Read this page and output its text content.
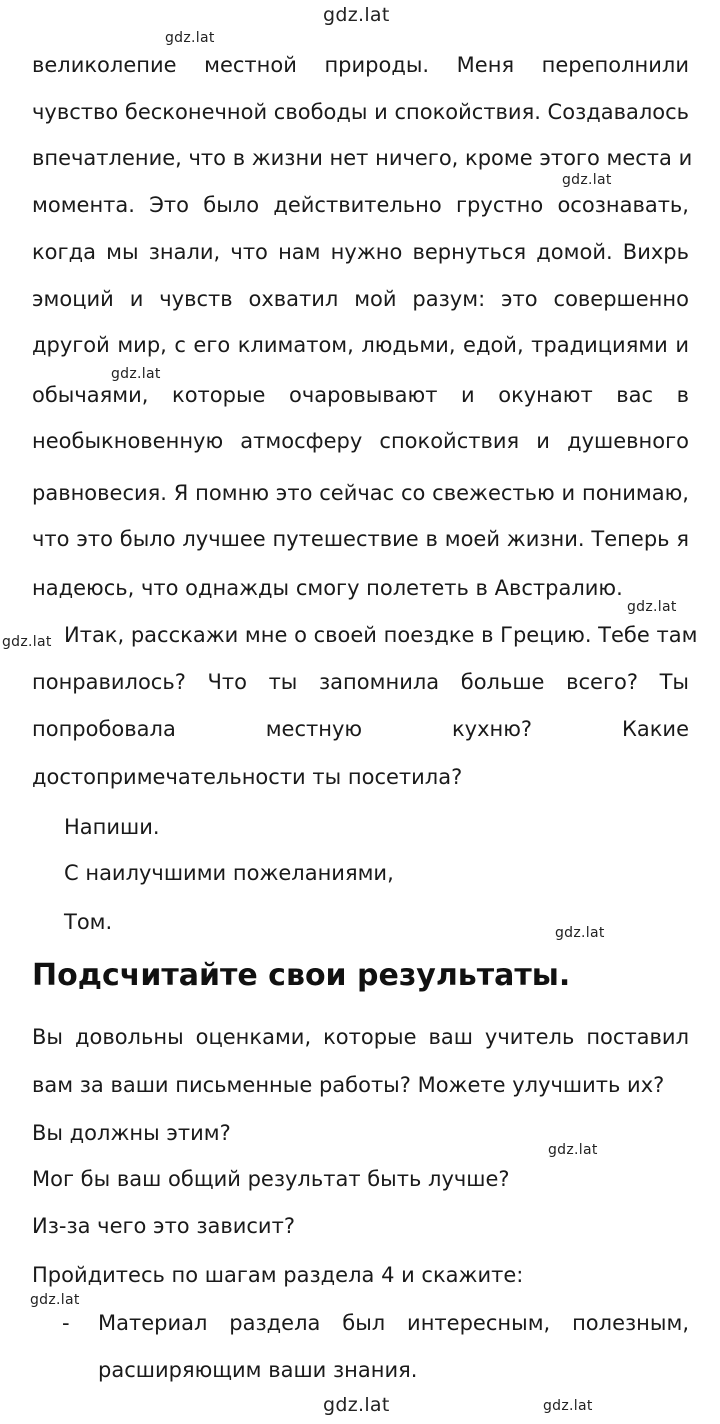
gdz.lat
gdz.lat
gdz.lat
gdz.lat
gdz.lat
gdz.lat
gdz.lat
gdz.lat
gdz.lat
gdz.lat
gdz.lat
великолепие местной природы. Меня переполнили
чувство бесконечной свободы и спокойствия. Создавалось
впечатление, что в жизни нет ничего, кроме этого места и
момента. Это было действительно грустно осознавать,
когда мы знали, что нам нужно вернуться домой. Вихрь
эмоций и чувств охватил мой разум: это совершенно
другой мир, с его климатом, людьми, едой, традициями и
обычаями, которые очаровывают и окунают вас в
необыкновенную атмосферу спокойствия и душевного
равновесия. Я помню это сейчас со свежестью и понимаю,
что это было лучшее путешествие в моей жизни. Теперь я
надеюсь, что однажды смогу полететь в Австралию.
Итак, расскажи мне о своей поездке в Грецию. Тебе там
понравилось? Что ты запомнила больше всего? Ты
попробовала местную кухню? Какие
достопримечательности ты посетила?
Напиши.
С наилучшими пожеланиями,
Том.
Подсчитайте свои результаты.
Вы довольны оценками, которые ваш учитель поставил
вам за ваши письменные работы? Можете улучшить их?
Вы должны этим?
Мог бы ваш общий результат быть лучше?
Из-за чего это зависит?
Пройдитесь по шагам раздела 4 и скажите:
- Материал раздела был интересным, полезным,
расширяющим ваши знания.
